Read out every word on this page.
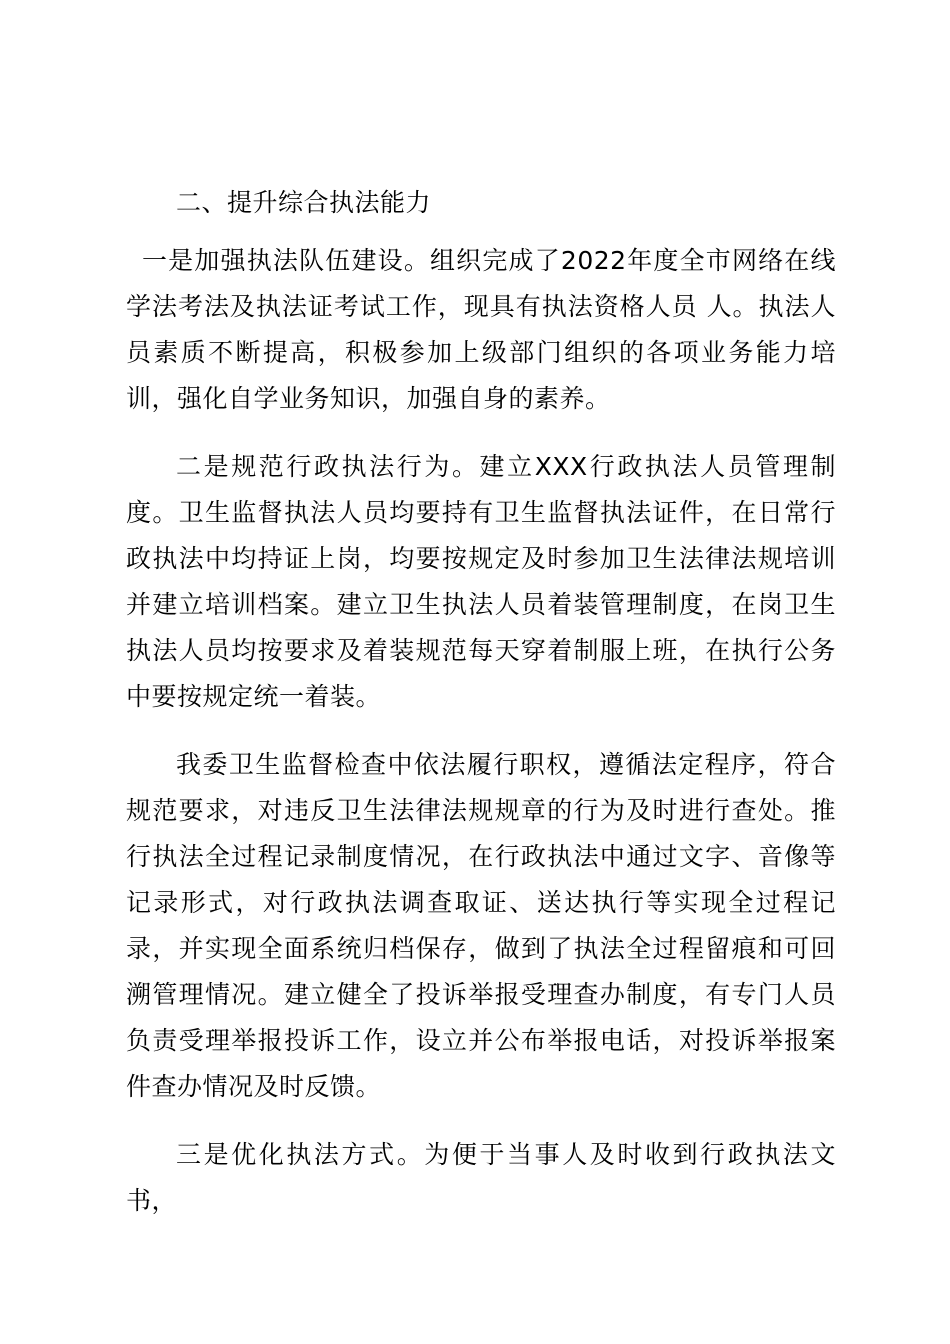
二、提升综合执法能力

一是加强执法队伍建设。组织完成了2022年度全市网络在线学法考法及执法证考试工作，现具有执法资格人员 人。执法人员素质不断提高，积极参加上级部门组织的各项业务能力培训，强化自学业务知识，加强自身的素养。

二是规范行政执法行为。建立XXX行政执法人员管理制度。卫生监督执法人员均要持有卫生监督执法证件，在日常行政执法中均持证上岗，均要按规定及时参加卫生法律法规培训并建立培训档案。建立卫生执法人员着装管理制度，在岗卫生执法人员均按要求及着装规范每天穿着制服上班，在执行公务中要按规定统一着装。

我委卫生监督检查中依法履行职权，遵循法定程序，符合规范要求，对违反卫生法律法规规章的行为及时进行查处。推行执法全过程记录制度情况，在行政执法中通过文字、音像等记录形式，对行政执法调查取证、送达执行等实现全过程记录，并实现全面系统归档保存，做到了执法全过程留痕和可回溯管理情况。建立健全了投诉举报受理查办制度，有专门人员负责受理举报投诉工作，设立并公布举报电话，对投诉举报案件查办情况及时反馈。

三是优化执法方式。为便于当事人及时收到行政执法文书，
